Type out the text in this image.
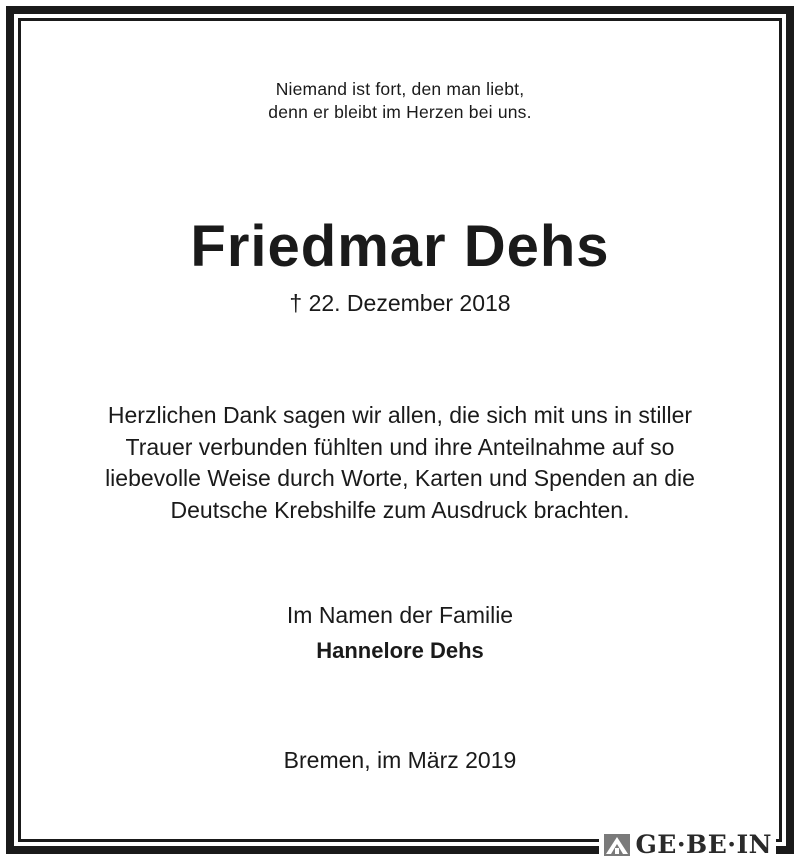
Niemand ist fort, den man liebt,
denn er bleibt im Herzen bei uns.
Friedmar Dehs
† 22. Dezember 2018
Herzlichen Dank sagen wir allen, die sich mit uns in stiller
Trauer verbunden fühlten und ihre Anteilnahme auf so
liebevolle Weise durch Worte, Karten und Spenden an die
Deutsche Krebshilfe zum Ausdruck brachten.
Im Namen der Familie
Hannelore Dehs
Bremen, im März 2019
GE·BE·IN
